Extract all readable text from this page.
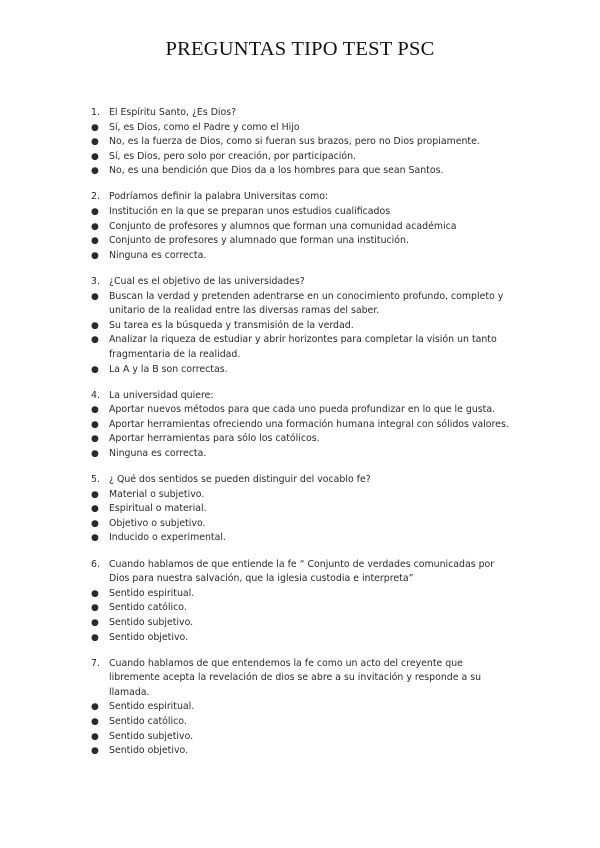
PREGUNTAS TIPO TEST PSC
1. El Espíritu Santo, ¿Es Dios?
● Sí, es Dios, como el Padre y como el Hijo
● No, es la fuerza de Dios, como si fueran sus brazos, pero no Dios propiamente.
● Sí, es Dios, pero solo por creación, por participación.
● No, es una bendición que Dios da a los hombres para que sean Santos.
2. Podríamos definir la palabra Universitas como:
● Institución en la que se preparan unos estudios cualificados
● Conjunto de profesores y alumnos que forman una comunidad académica
● Conjunto de profesores y alumnado que forman una institución.
● Ninguna es correcta.
3. ¿Cual es el objetivo de las universidades?
● Buscan la verdad y pretenden adentrarse en un conocimiento profundo, completo y unitario de la realidad entre las diversas ramas del saber.
● Su tarea es la búsqueda y transmisión de la verdad.
● Analizar la riqueza de estudiar y abrir horizontes para completar la visión un tanto fragmentaria de la realidad.
● La A y la B son correctas.
4. La universidad quiere:
● Aportar nuevos métodos para que cada uno pueda profundizar en lo que le gusta.
● Aportar herramientas ofreciendo una formación humana integral con sólidos valores.
● Aportar herramientas para sólo los católicos.
● Ninguna es correcta.
5. ¿ Qué dos sentidos se pueden distinguir del vocablo fe?
● Material o subjetivo.
● Espiritual o material.
● Objetivo o subjetivo.
● Inducido o experimental.
6. Cuando hablamos de que entiende la fe “ Conjunto de verdades comunicadas por Dios para nuestra salvación, que la iglesia custodia e interpreta”
● Sentido espiritual.
● Sentido católico.
● Sentido subjetivo.
● Sentido objetivo.
7. Cuando hablamos de que entendemos la fe como un acto del creyente que libremente acepta la revelación de dios se abre a su invitación y responde a su llamada.
● Sentido espiritual.
● Sentido católico.
● Sentido subjetivo.
● Sentido objetivo.
